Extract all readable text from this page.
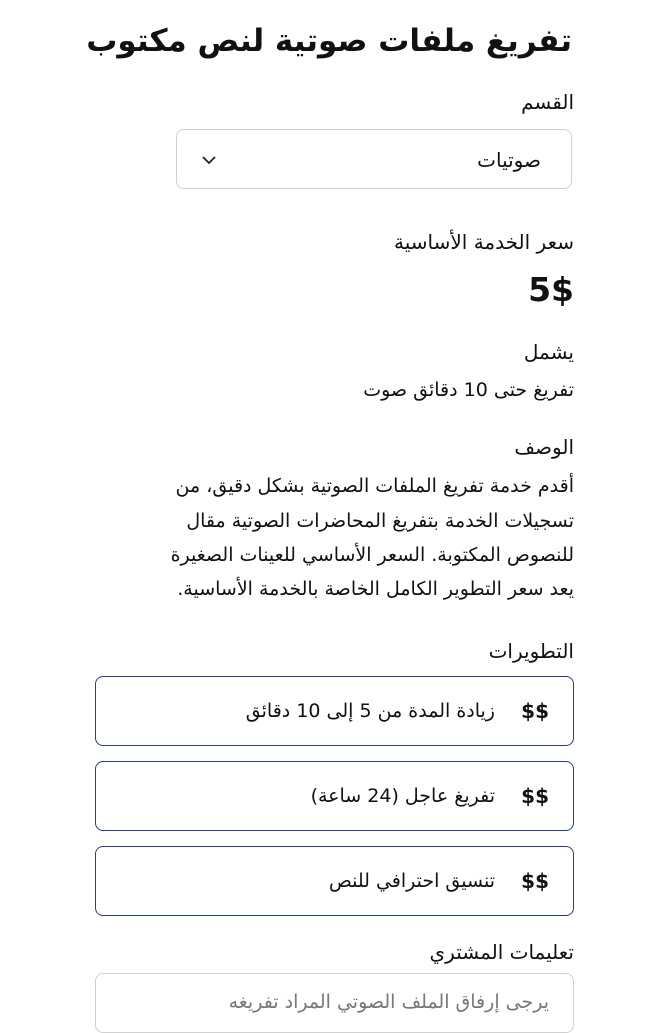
تفريغ ملفات صوتية لنص مكتوب
القسم
صوتيات
سعر الخدمة الأساسية
5$
يشمل
تفريغ حتى 10 دقائق صوت
الوصف
أقدم خدمة تفريغ الملفات الصوتية بشكل دقيق، من
تسجيلات الخدمة بتفريغ المحاضرات الصوتية مقال
للنصوص المكتوبة. السعر الأساسي للعينات الصغيرة
يعد سعر التطوير الكامل الخاصة بالخدمة الأساسية.
التطويرات
$$
زيادة المدة من 5 إلى 10 دقائق
$$
تفريغ عاجل (24 ساعة)
$$
تنسيق احترافي للنص
تعليمات المشتري
يرجى إرفاق الملف الصوتي المراد تفريغه
